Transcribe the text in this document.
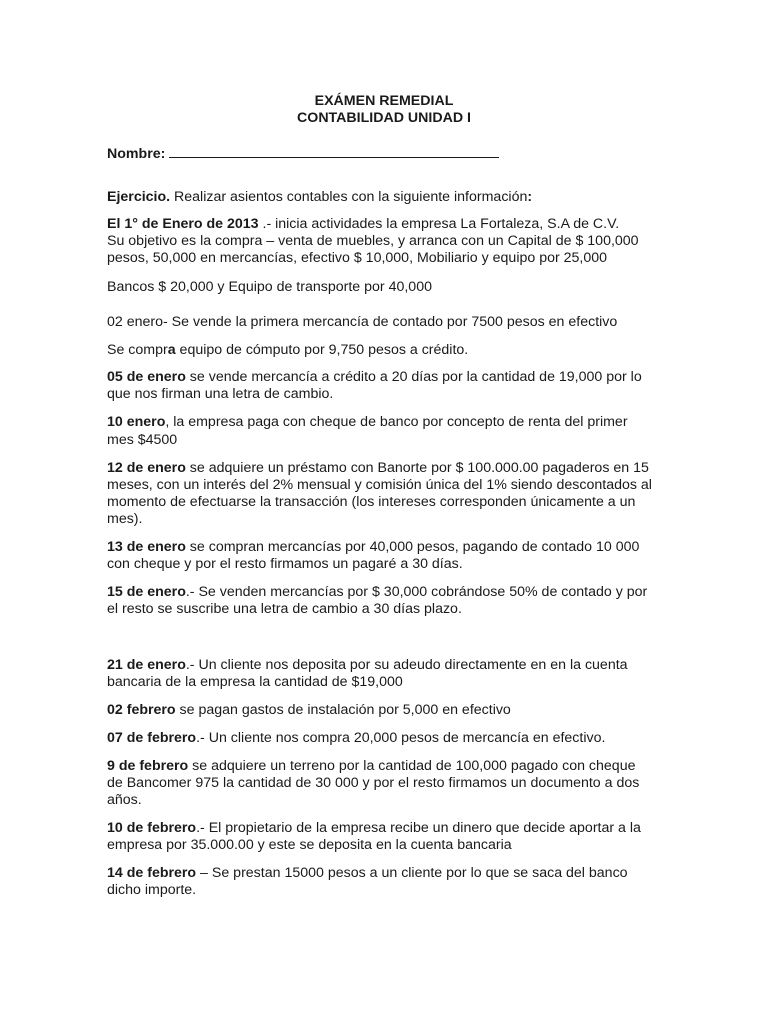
EXÁMEN REMEDIAL

CONTABILIDAD UNIDAD I

Nombre:

Ejercicio. Realizar asientos contables con la siguiente información:

El 1° de Enero de 2013 .- inicia actividades la empresa La Fortaleza, S.A de C.V.

Su objetivo es la compra – venta de muebles, y arranca con un Capital de $ 100,000

pesos, 50,000 en mercancías, efectivo $ 10,000, Mobiliario y equipo por 25,000

Bancos $ 20,000 y Equipo de transporte por 40,000

02 enero- Se vende la primera mercancía de contado por 7500 pesos en efectivo

Se compra equipo de cómputo por 9,750 pesos a crédito.

05 de enero se vende mercancía a crédito a 20 días por la cantidad de 19,000 por lo

que nos firman una letra de cambio.

10 enero, la empresa paga con cheque de banco por concepto de renta del primer

mes $4500

12 de enero se adquiere un préstamo con Banorte por $ 100.000.00 pagaderos en 15

meses, con un interés del 2% mensual y comisión única del 1% siendo descontados al

momento de efectuarse la transacción (los intereses corresponden únicamente a un

mes).

13 de enero se compran mercancías por 40,000 pesos, pagando de contado 10 000

con cheque y por el resto firmamos un pagaré a 30 días.

15 de enero.- Se venden mercancías por $ 30,000 cobrándose 50% de contado y por

el resto se suscribe una letra de cambio a 30 días plazo.

21 de enero.- Un cliente nos deposita por su adeudo directamente en en la cuenta

bancaria de la empresa la cantidad de $19,000

02 febrero se pagan gastos de instalación por 5,000 en efectivo

07 de febrero.- Un cliente nos compra 20,000 pesos de mercancía en efectivo.

9 de febrero se adquiere un terreno por la cantidad de 100,000 pagado con cheque

de Bancomer 975 la cantidad de 30 000 y por el resto firmamos un documento a dos

años.

10 de febrero.- El propietario de la empresa recibe un dinero que decide aportar a la

empresa por 35.000.00 y este se deposita en la cuenta bancaria

14 de febrero – Se prestan 15000 pesos a un cliente por lo que se saca del banco

dicho importe.
